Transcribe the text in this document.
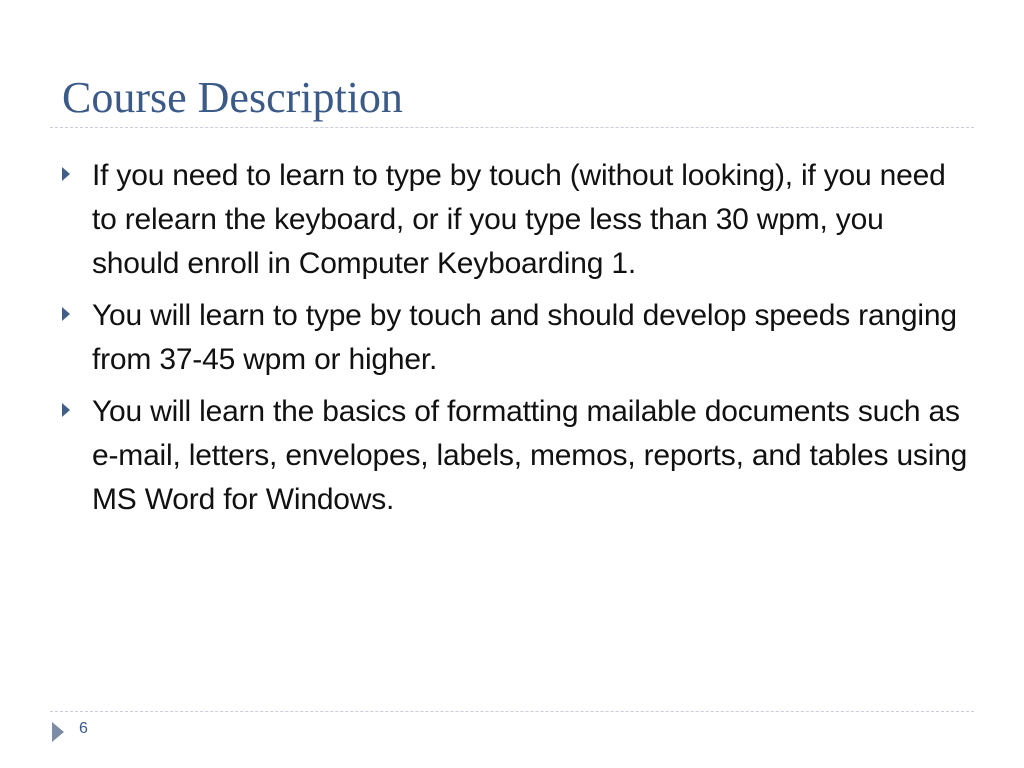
Course Description
If you need to learn to type by touch (without looking), if you need to relearn the keyboard, or if you type less than 30 wpm, you should enroll in Computer Keyboarding 1.
You will learn to type by touch and should develop speeds ranging from 37-45 wpm or higher.
You will learn the basics of formatting mailable documents such as e-mail, letters, envelopes, labels, memos, reports, and tables using MS Word for Windows.
6
